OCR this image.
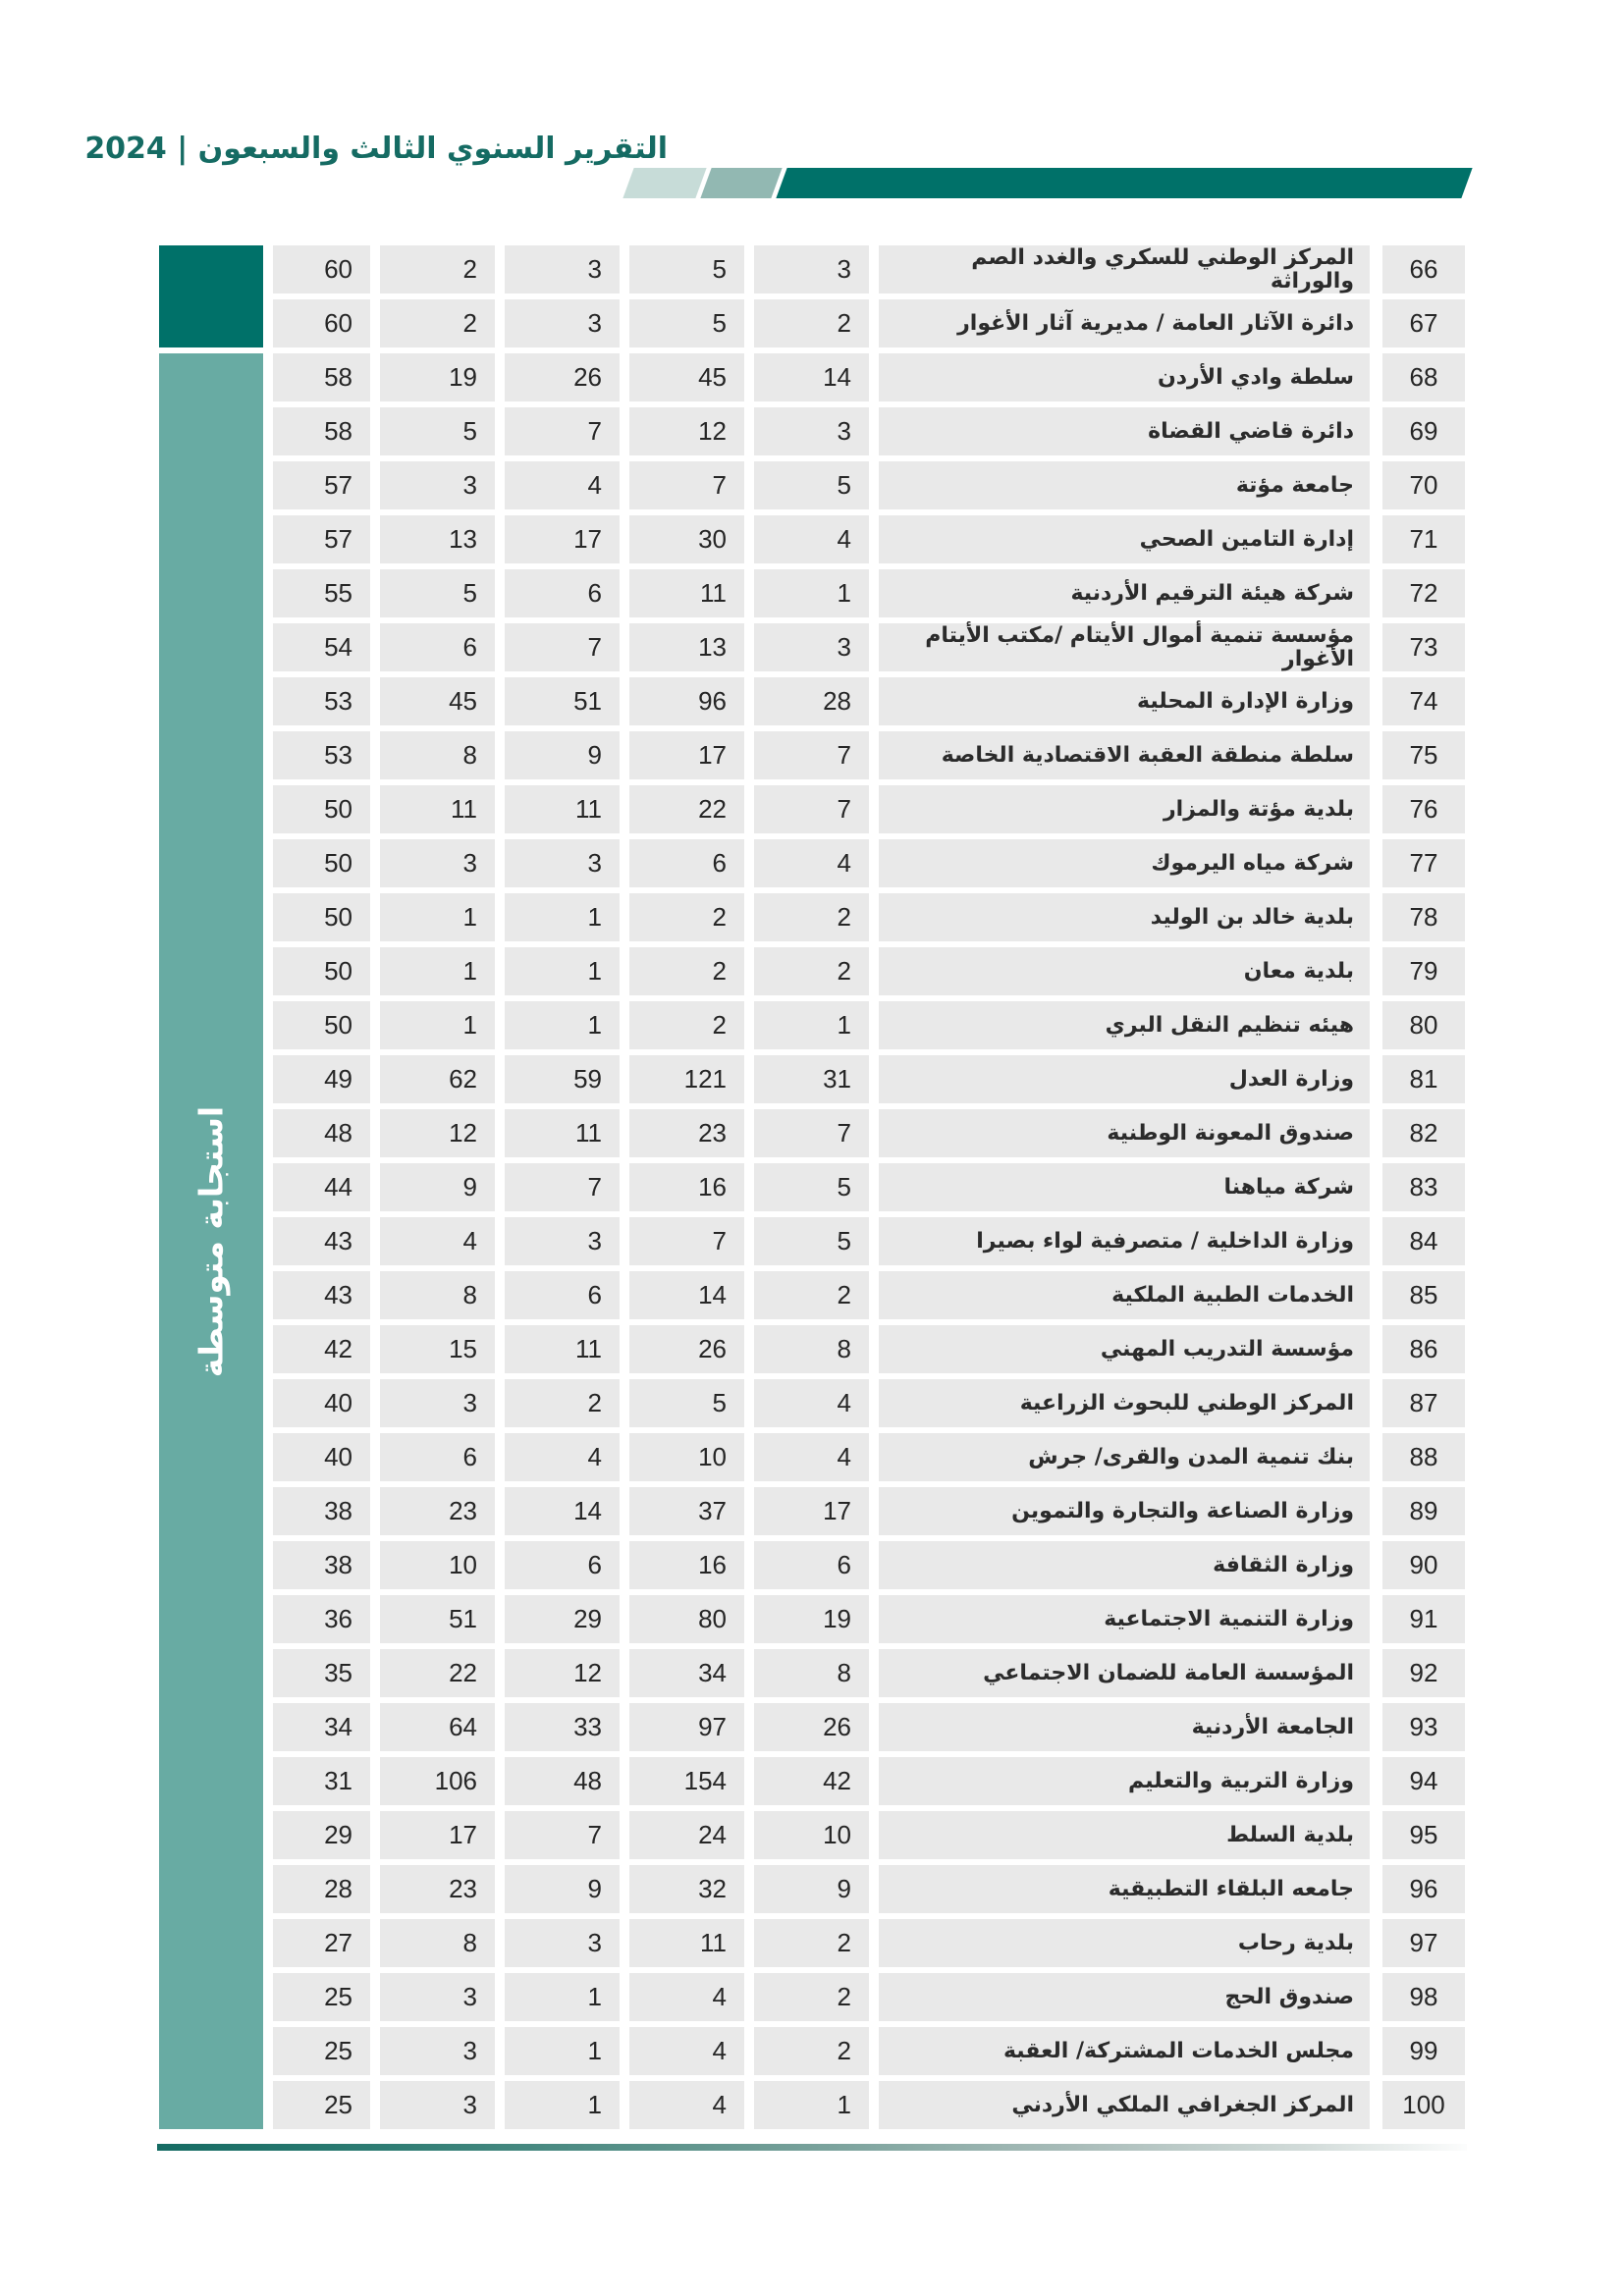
التقرير السنوي الثالث والسبعون | 2024
استجابة متوسطة
60	2	3	5	3	المركز الوطني للسكري والغدد الصم والوراثة	66
60	2	3	5	2	دائرة الآثار العامة / مديرية آثار الأغوار	67
58	19	26	45	14	سلطة وادي الأردن	68
58	5	7	12	3	دائرة قاضي القضاة	69
57	3	4	7	5	جامعة مؤتة	70
57	13	17	30	4	إدارة التامين الصحي	71
55	5	6	11	1	شركة هيئة الترقيم الأردنية	72
54	6	7	13	3	مؤسسة تنمية أموال الأيتام /مكتب الأيتام الأغوار	73
53	45	51	96	28	وزارة الإدارة المحلية	74
53	8	9	17	7	سلطة منطقة العقبة الاقتصادية الخاصة	75
50	11	11	22	7	بلدية مؤتة والمزار	76
50	3	3	6	4	شركة مياه اليرموك	77
50	1	1	2	2	بلدية خالد بن الوليد	78
50	1	1	2	2	بلدية معان	79
50	1	1	2	1	هيئه تنظيم النقل البري	80
49	62	59	121	31	وزارة العدل	81
48	12	11	23	7	صندوق المعونة الوطنية	82
44	9	7	16	5	شركة مياهنا	83
43	4	3	7	5	وزارة الداخلية / متصرفية لواء بصيرا	84
43	8	6	14	2	الخدمات الطبية الملكية	85
42	15	11	26	8	مؤسسة التدريب المهني	86
40	3	2	5	4	المركز الوطني للبحوث الزراعية	87
40	6	4	10	4	بنك تنمية المدن والقرى/ جرش	88
38	23	14	37	17	وزارة الصناعة والتجارة والتموين	89
38	10	6	16	6	وزارة الثقافة	90
36	51	29	80	19	وزارة التنمية الاجتماعية	91
35	22	12	34	8	المؤسسة العامة للضمان الاجتماعي	92
34	64	33	97	26	الجامعة الأردنية	93
31	106	48	154	42	وزارة التربية والتعليم	94
29	17	7	24	10	بلدية السلط	95
28	23	9	32	9	جامعه البلقاء التطبيقية	96
27	8	3	11	2	بلدية رحاب	97
25	3	1	4	2	صندوق الحج	98
25	3	1	4	2	مجلس الخدمات المشتركة/ العقبة	99
25	3	1	4	1	المركز الجغرافي الملكي الأردني	100
